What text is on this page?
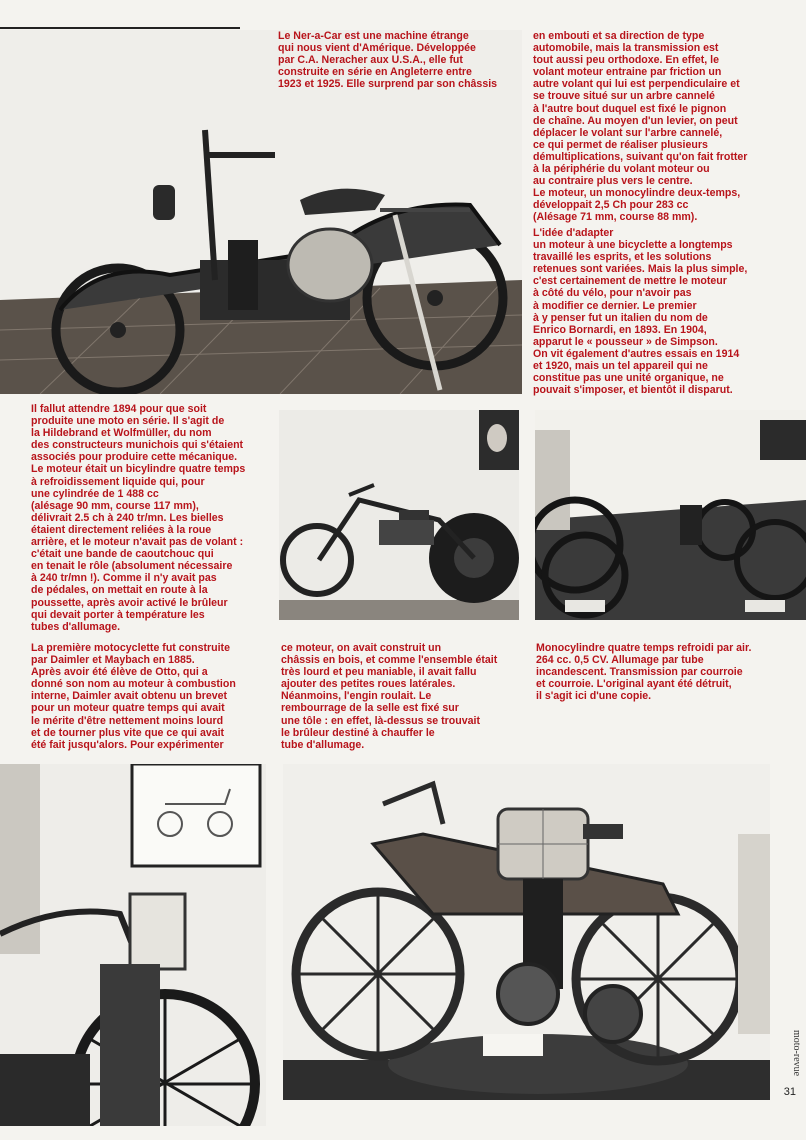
Le Ner-a-Car est une machine étrange
qui nous vient d'Amérique. Développée
par C.A. Neracher aux U.S.A., elle fut
construite en série en Angleterre entre
1923 et 1925. Elle surprend par son châssis

en embouti et sa direction de type
automobile, mais la transmission est
tout aussi peu orthodoxe. En effet, le
volant moteur entraine par friction un
autre volant qui lui est perpendiculaire et
se trouve situé sur un arbre cannelé
à l'autre bout duquel est fixé le pignon
de chaîne. Au moyen d'un levier, on peut
déplacer le volant sur l'arbre cannelé,
ce qui permet de réaliser plusieurs
démultiplications, suivant qu'on fait frotter
à la périphérie du volant moteur ou
au contraire plus vers le centre.
Le moteur, un monocylindre deux-temps,
développait 2,5 Ch pour 283 cc
(Alésage 71 mm, course 88 mm).

L'idée d'adapter
un moteur à une bicyclette a longtemps
travaillé les esprits, et les solutions
retenues sont variées. Mais la plus simple,
c'est certainement de mettre le moteur
à côté du vélo, pour n'avoir pas
à modifier ce dernier. Le premier
à y penser fut un italien du nom de
Enrico Bornardi, en 1893. En 1904,
apparut le « pousseur » de Simpson.
On vit également d'autres essais en 1914
et 1920, mais un tel appareil qui ne
constitue pas une unité organique, ne
pouvait s'imposer, et bientôt il disparut.

Il fallut attendre 1894 pour que soit
produite une moto en série. Il s'agit de
la Hildebrand et Wolfmüller, du nom
des constructeurs munichois qui s'étaient
associés pour produire cette mécanique.
Le moteur était un bicylindre quatre temps
à refroidissement liquide qui, pour
une cylindrée de 1 488 cc
(alésage 90 mm, course 117 mm),
délivrait 2.5 ch à 240 tr/mn. Les bielles
étaient directement reliées à la roue
arrière, et le moteur n'avait pas de volant :
c'était une bande de caoutchouc qui
en tenait le rôle (absolument nécessaire
à 240 tr/mn !). Comme il n'y avait pas
de pédales, on mettait en route à la
poussette, après avoir activé le brûleur
qui devait porter à température les
tubes d'allumage.

La première motocyclette fut construite
par Daimler et Maybach en 1885.
Après avoir été élève de Otto, qui a
donné son nom au moteur à combustion
interne, Daimler avait obtenu un brevet
pour un moteur quatre temps qui avait
le mérite d'être nettement moins lourd
et de tourner plus vite que ce qui avait
été fait jusqu'alors. Pour expérimenter

ce moteur, on avait construit un
châssis en bois, et comme l'ensemble était
très lourd et peu maniable, il avait fallu
ajouter des petites roues latérales.
Néanmoins, l'engin roulait. Le
rembourrage de la selle est fixé sur
une tôle : en effet, là-dessus se trouvait
le brûleur destiné à chauffer le
tube d'allumage.

Monocylindre quatre temps refroidi par air.
264 cc. 0,5 CV. Allumage par tube
incandescent. Transmission par courroie
et courroie. L'original ayant été détruit,
il s'agit ici d'une copie.

moto-revue
31
